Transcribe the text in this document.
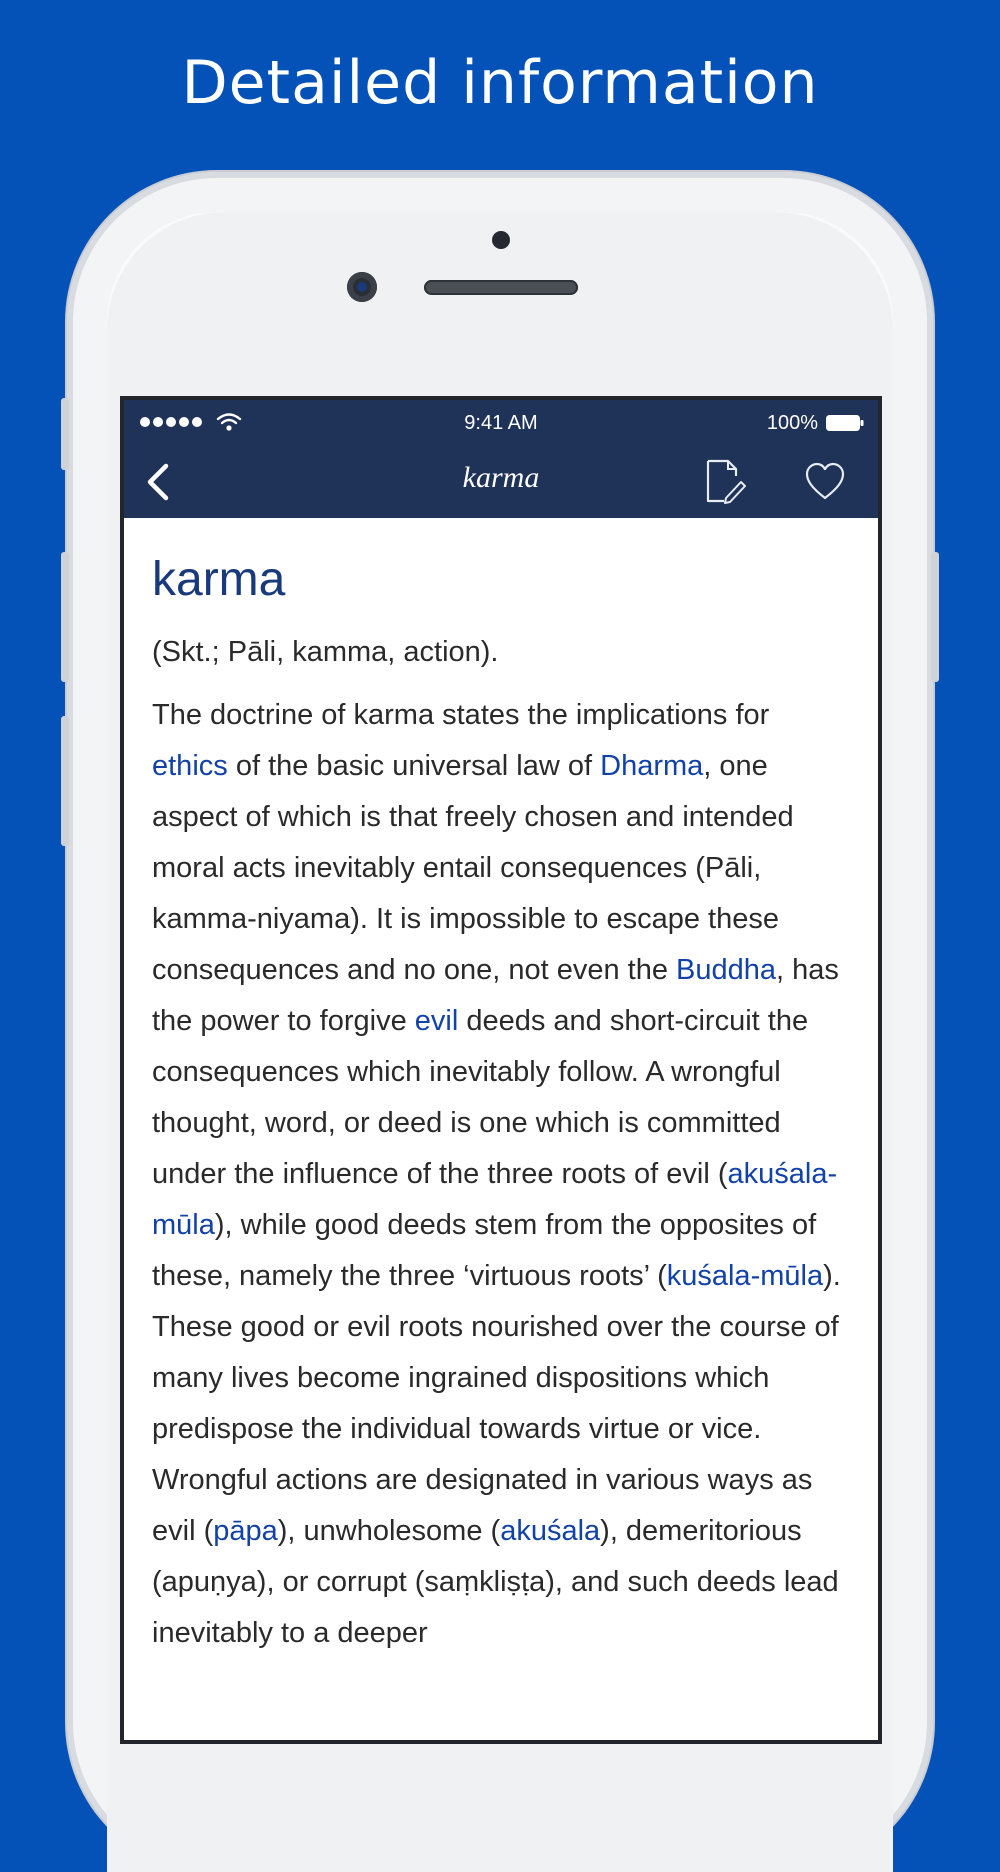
Detailed information
9:41 AM	100%
karma
karma

(Skt.; Pāli, kamma, action).

The doctrine of karma states the implications for ethics of the basic universal law of Dharma, one aspect of which is that freely chosen and intended moral acts inevitably entail consequences (Pāli, kamma-niyama). It is impossible to escape these consequences and no one, not even the Buddha, has the power to forgive evil deeds and short-circuit the consequences which inevitably follow. A wrongful thought, word, or deed is one which is committed under the influence of the three roots of evil (akuśala-mūla), while good deeds stem from the opposites of these, namely the three ‘virtuous roots’ (kuśala-mūla). These good or evil roots nourished over the course of many lives become ingrained dispositions which predispose the individual towards virtue or vice. Wrongful actions are designated in various ways as evil (pāpa), unwholesome (akuśala), demeritorious (apuṇya), or corrupt (saṃkliṣṭa), and such deeds lead inevitably to a deeper
